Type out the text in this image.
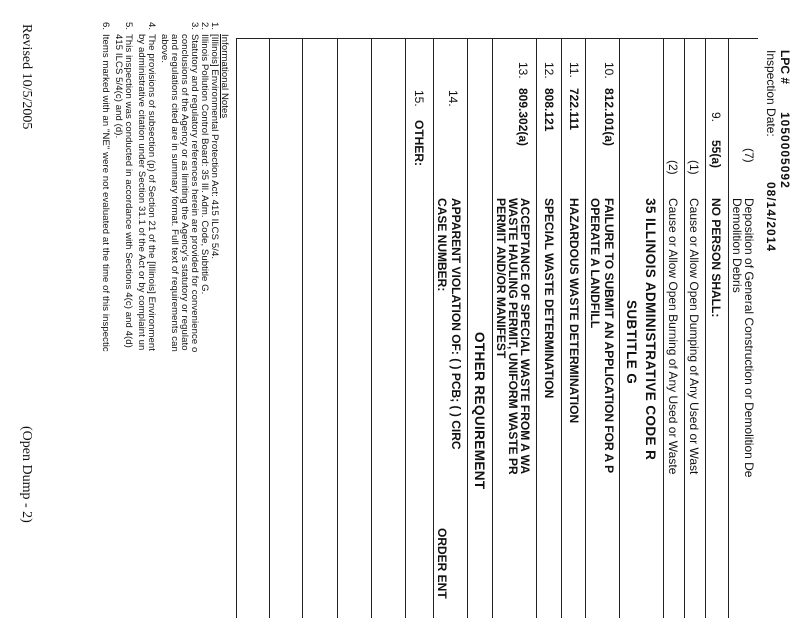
LPC #
1050005092
Inspection Date:
08/14/2014
(7)
Deposition of General Construction or Demolition De
Demolition Debris
9.
55(a)
NO PERSON SHALL:
(1)
Cause or Allow Open Dumping of Any Used or Wast
(2)
Cause or Allow Open Burning of Any Used or Waste
35 ILLINOIS ADMINISTRATIVE CODE R
SUBTITLE G
10.
812.101(a)
FAILURE TO SUBMIT AN APPLICATION FOR A P
OPERATE A LANDFILL
11.
722.111
HAZARDOUS WASTE DETERMINATION
12.
808.121
SPECIAL WASTE DETERMINATION
13.
809.302(a)
ACCEPTANCE OF SPECIAL WASTE FROM A WA
WASTE HAULING PERMIT, UNIFORM WASTE PR
PERMIT AND/OR MANIFEST
OTHER REQUIREMENT
14.
APPARENT VIOLATION OF: ( ) PCB; ( ) CIRC
CASE NUMBER:
ORDER ENT
15.
OTHER:
Informational Notes
1.
[Illinois] Environmental Protection Act: 415 ILCS 5/4.
2.
Illinois Pollution Control Board: 35 Ill. Adm. Code, Subtitle G.
3.
Statutory and regulatory references herein are provided for convenience o
conclusions of the Agency or as limiting the Agency's statutory or regulato
and regulations cited are in summary format. Full text of requirements can
above.
4.
The provisions of subsection (p) of Section 21 of the [Illinois] Environment
by administrative citation under Section 31.1 of the Act or by complaint un
5.
This inspection was conducted in accordance with Sections 4(c) and 4(d)
415 ILCS 5/4(c) and (d).
6.
Items marked with an "NE" were not evaluated at the time of this inspectic
Revised 10/5/2005
(Open Dump - 2)
